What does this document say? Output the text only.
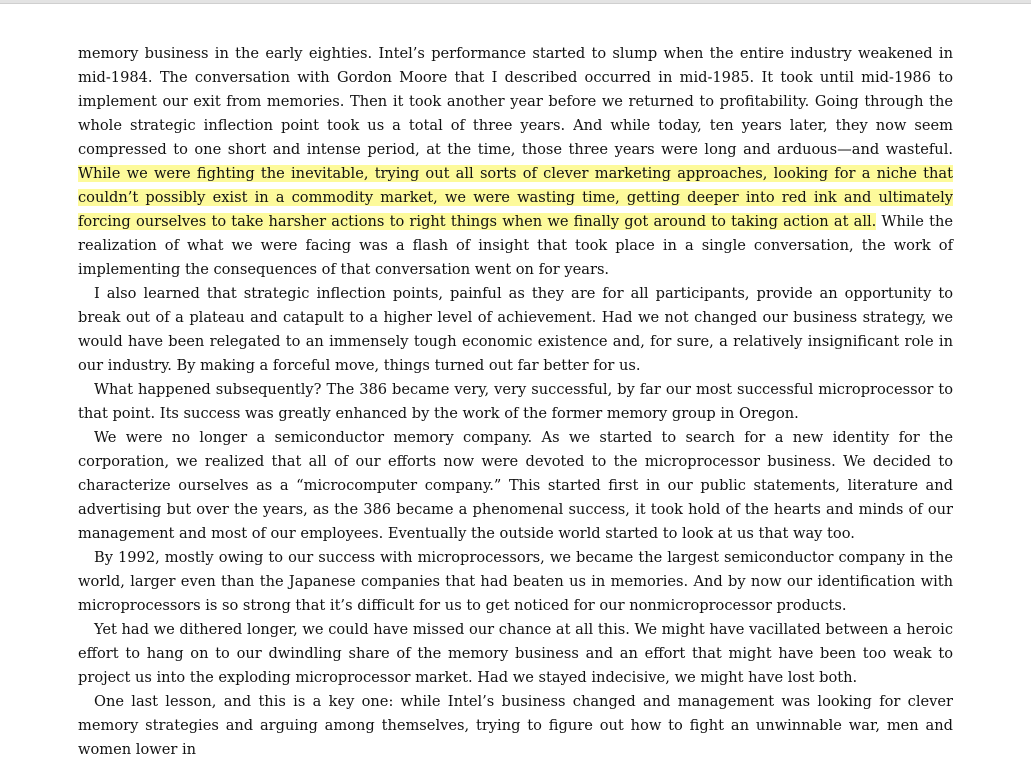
memory business in the early eighties. Intel’s performance started to slump when the entire industry weakened in mid-1984. The conversation with Gordon Moore that I described occurred in mid-1985. It took until mid-1986 to implement our exit from memories. Then it took another year before we returned to profitability. Going through the whole strategic inflection point took us a total of three years. And while today, ten years later, they now seem compressed to one short and intense period, at the time, those three years were long and arduous—and wasteful. While we were fighting the inevitable, trying out all sorts of clever marketing approaches, looking for a niche that couldn’t possibly exist in a commodity market, we were wasting time, getting deeper into red ink and ultimately forcing ourselves to take harsher actions to right things when we finally got around to taking action at all. While the realization of what we were facing was a flash of insight that took place in a single conversation, the work of implementing the consequences of that conversation went on for years.

I also learned that strategic inflection points, painful as they are for all participants, provide an opportunity to break out of a plateau and catapult to a higher level of achievement. Had we not changed our business strategy, we would have been relegated to an immensely tough economic existence and, for sure, a relatively insignificant role in our industry. By making a forceful move, things turned out far better for us.

What happened subsequently? The 386 became very, very successful, by far our most successful microprocessor to that point. Its success was greatly enhanced by the work of the former memory group in Oregon.

We were no longer a semiconductor memory company. As we started to search for a new identity for the corporation, we realized that all of our efforts now were devoted to the microprocessor business. We decided to characterize ourselves as a “microcomputer company.” This started first in our public statements, literature and advertising but over the years, as the 386 became a phenomenal success, it took hold of the hearts and minds of our management and most of our employees. Eventually the outside world started to look at us that way too.

By 1992, mostly owing to our success with microprocessors, we became the largest semiconductor company in the world, larger even than the Japanese companies that had beaten us in memories. And by now our identification with microprocessors is so strong that it’s difficult for us to get noticed for our nonmicroprocessor products.

Yet had we dithered longer, we could have missed our chance at all this. We might have vacillated between a heroic effort to hang on to our dwindling share of the memory business and an effort that might have been too weak to project us into the exploding microprocessor market. Had we stayed indecisive, we might have lost both.

One last lesson, and this is a key one: while Intel’s business changed and management was looking for clever memory strategies and arguing among themselves, trying to figure out how to fight an unwinnable war, men and women lower in
